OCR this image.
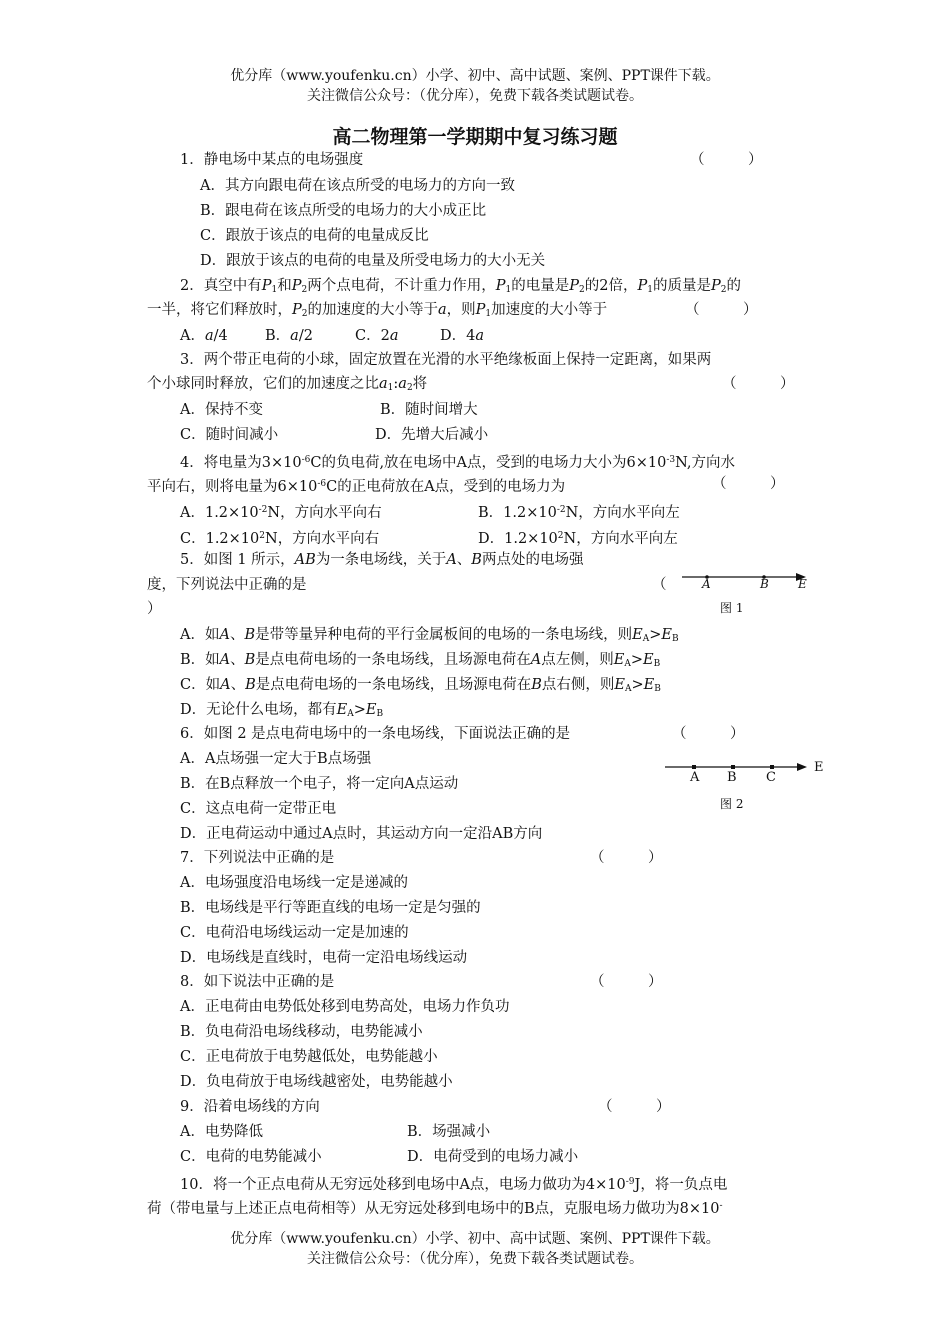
优分库（www.youfenku.cn）小学、初中、高中试题、案例、PPT课件下载。
关注微信公众号：（优分库），免费下载各类试题试卷。
高二物理第一学期期中复习练习题
1．静电场中某点的电场强度	（　　　）
A．其方向跟电荷在该点所受的电场力的方向一致
B．跟电荷在该点所受的电场力的大小成正比
C．跟放于该点的电荷的电量成反比
D．跟放于该点的电荷的电量及所受电场力的大小无关
2．真空中有$P_1$和$P_2$两个点电荷，不计重力作用，$P_1$的电量是$P_2$的2倍，$P_1$的质量是$P_2$的
一半，将它们释放时，$P_2$的加速度的大小等于a，则$P_1$加速度的大小等于	（　　　）
A．a/4	B．a/2	C．2a	D．4a
3．两个带正电荷的小球，固定放置在光滑的水平绝缘板面上保持一定距离，如果两
个小球同时释放，它们的加速度之比$a_1:a_2$将	（　　　）
A．保持不变	B．随时间增大
C．随时间减小	D．先增大后减小
4．将电量为$3\times 10^{-6}C$的负电荷,放在电场中A点，受到的电场力大小为$6\times 10^{-3}N$,方向水
平向右，则将电量为$6\times 10^{-6}C$的正电荷放在A点，受到的电场力为	（　　　）
A．$1.2\times 10^{-2}N$，方向水平向右	B．$1.2\times 10^{-2}N$，方向水平向左
C．$1.2\times 10^2N$，方向水平向右	D．$1.2\times 10^2N$，方向水平向左
5．如图 1 所示，AB为一条电场线，关于A、B两点处的电场强
度，下列说法中正确的是	（
）
A	B E
图 1
A．如A、B是带等量异种电荷的平行金属板间的电场的一条电场线，则$E_A>E_B$
B．如A、B是点电荷电场的一条电场线，且场源电荷在A点左侧，则$E_A>E_B$
C．如A、B是点电荷电场的一条电场线，且场源电荷在B点右侧，则$E_A>E_B$
D．无论什么电场，都有$E_A>E_B$
6．如图 2 是点电荷电场中的一条电场线，下面说法正确的是	（　　　）
A．A点场强一定大于B点场强
B．在B点释放一个电子，将一定向A点运动
C．这点电荷一定带正电
D．正电荷运动中通过A点时，其运动方向一定沿AB方向
A B C
E
图 2
7．下列说法中正确的是	（　　　）
A．电场强度沿电场线一定是递减的
B．电场线是平行等距直线的电场一定是匀强的
C．电荷沿电场线运动一定是加速的
D．电场线是直线时，电荷一定沿电场线运动
8．如下说法中正确的是	（　　　）
A．正电荷由电势低处移到电势高处，电场力作负功
B．负电荷沿电场线移动，电势能减小
C．正电荷放于电势越低处，电势能越小
D．负电荷放于电场线越密处，电势能越小
9．沿着电场线的方向	（　　　）
A．电势降低	B．场强减小
C．电荷的电势能减小	D．电荷受到的电场力减小
10．将一个正点电荷从无穷远处移到电场中A点，电场力做功为$4\times 10^{-9}J$，将一负点电
荷（带电量与上述正点电荷相等）从无穷远处移到电场中的B点，克服电场力做功为8×10-
优分库（www.youfenku.cn）小学、初中、高中试题、案例、PPT课件下载。
关注微信公众号：（优分库），免费下载各类试题试卷。
